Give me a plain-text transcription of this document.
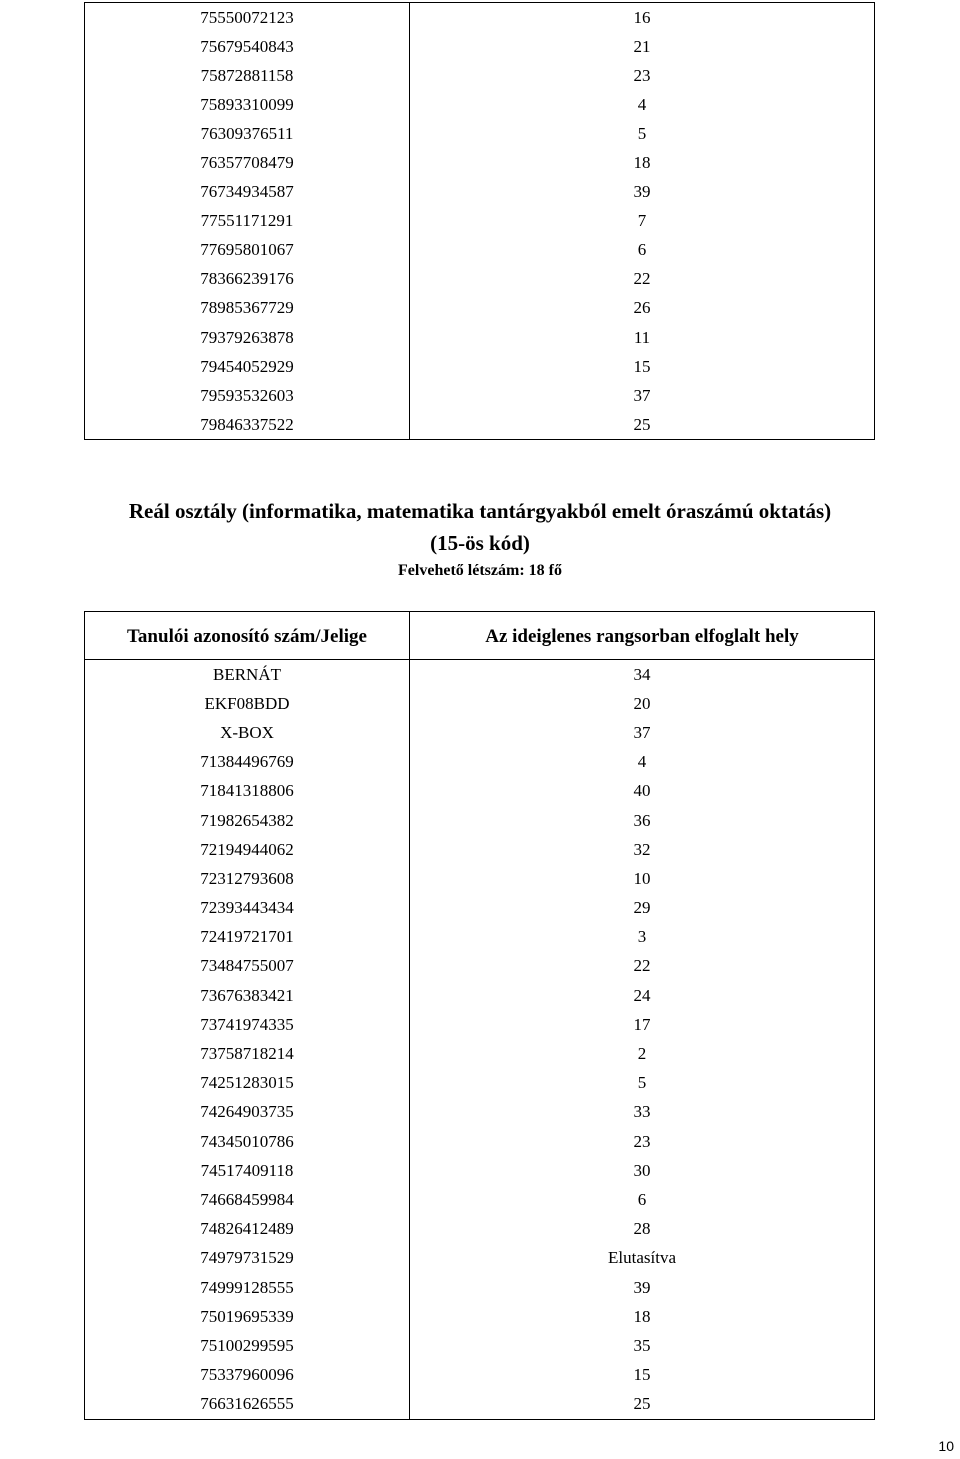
75550072123	16
75679540843	21
75872881158	23
75893310099	4
76309376511	5
76357708479	18
76734934587	39
77551171291	7
77695801067	6
78366239176	22
78985367729	26
79379263878	11
79454052929	15
79593532603	37
79846337522	25
Reál osztály (informatika, matematika tantárgyakból emelt óraszámú oktatás)
(15-ös kód)
Felvehető létszám: 18 fő
Tanulói azonosító szám/Jelige	Az ideiglenes rangsorban elfoglalt hely
BERNÁT	34
EKF08BDD	20
X-BOX	37
71384496769	4
71841318806	40
71982654382	36
72194944062	32
72312793608	10
72393443434	29
72419721701	3
73484755007	22
73676383421	24
73741974335	17
73758718214	2
74251283015	5
74264903735	33
74345010786	23
74517409118	30
74668459984	6
74826412489	28
74979731529	Elutasítva
74999128555	39
75019695339	18
75100299595	35
75337960096	15
76631626555	25
10
